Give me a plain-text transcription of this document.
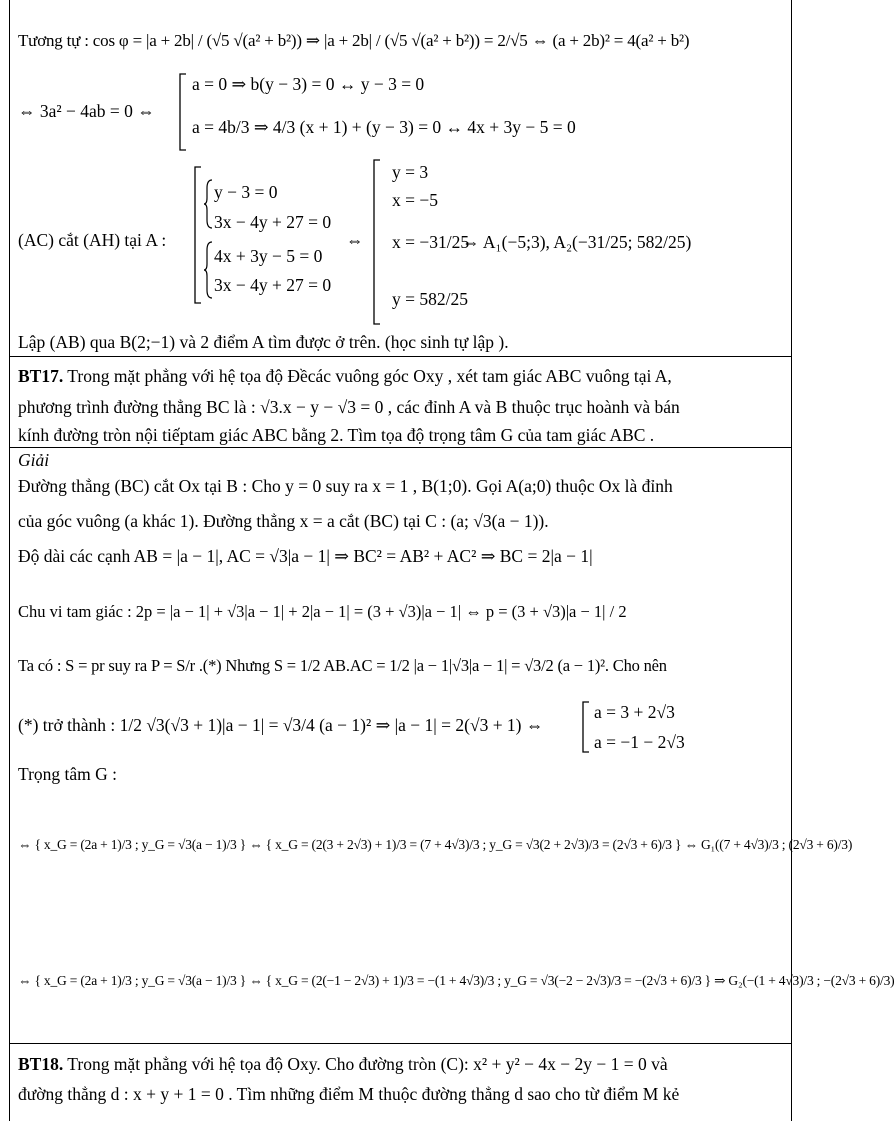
Tương tự : cos φ = |a + 2b| / (√5 √(a² + b²)) ⇒ |a + 2b| / (√5 √(a² + b²)) = 2/√5 ⇔ (a + 2b)² = 4(a² + b²)
⇔ 3a² − 4ab = 0 ⇔
a = 0 ⇒ b(y − 3) = 0 ↔ y − 3 = 0
a = 4b/3 ⇒ 4/3 (x + 1) + (y − 3) = 0 ↔ 4x + 3y − 5 = 0
(AC) cắt (AH) tại A :
y − 3 = 0
3x − 4y + 27 = 0
4x + 3y − 5 = 0
3x − 4y + 27 = 0
⇔
y = 3
x = −5
x = −31/25
y = 582/25
⇔ A₁(−5;3), A₂(−31/25; 582/25)
Lập (AB) qua B(2;−1) và 2 điểm A tìm được ở trên. (học sinh tự lập ).
BT17. Trong mặt phẳng với hệ tọa độ Đềcác vuông góc Oxy , xét tam giác ABC vuông tại A,
phương trình đường thẳng BC là : √3.x − y − √3 = 0 , các đỉnh A và B thuộc trục hoành và bán
kính đường tròn nội tiếptam giác ABC bằng 2. Tìm tọa độ trọng tâm G của tam giác ABC .
Giải
Đường thẳng (BC) cắt Ox tại B : Cho y = 0 suy ra x = 1 , B(1;0). Gọi A(a;0) thuộc Ox là đỉnh
của góc vuông (a khác 1). Đường thẳng x = a cắt (BC) tại C : (a; √3(a − 1)).
Độ dài các cạnh AB = |a − 1|, AC = √3|a − 1| ⇒ BC² = AB² + AC² ⇒ BC = 2|a − 1|
Chu vi tam giác : 2p = |a − 1| + √3|a − 1| + 2|a − 1| = (3 + √3)|a − 1| ⇔ p = (3 + √3)|a − 1| / 2
Ta có : S = pr suy ra P = S/r .(*) Nhưng S = 1/2 AB.AC = 1/2 |a − 1|√3|a − 1| = √3/2 (a − 1)². Cho nên
(*) trở thành : 1/2 √3(√3 + 1)|a − 1| = √3/4 (a − 1)² ⇒ |a − 1| = 2(√3 + 1) ⇔
a = 3 + 2√3
a = −1 − 2√3
Trọng tâm G :
⇔ { x_G = (2a + 1)/3 ; y_G = √3(a − 1)/3 } ⇔ { x_G = (2(3 + 2√3) + 1)/3 = (7 + 4√3)/3 ; y_G = √3(2 + 2√3)/3 = (2√3 + 6)/3 } ⇔ G₁((7 + 4√3)/3 ; (2√3 + 6)/3)
⇔ { x_G = (2a + 1)/3 ; y_G = √3(a − 1)/3 } ⇔ { x_G = (2(−1 − 2√3) + 1)/3 = −(1 + 4√3)/3 ; y_G = √3(−2 − 2√3)/3 = −(2√3 + 6)/3 } ⇒ G₂(−(1 + 4√3)/3 ; −(2√3 + 6)/3)
BT18. Trong mặt phẳng với hệ tọa độ Oxy. Cho đường tròn (C): x² + y² − 4x − 2y − 1 = 0 và
đường thẳng d : x + y + 1 = 0 . Tìm những điểm M thuộc đường thẳng d sao cho từ điểm M kẻ
